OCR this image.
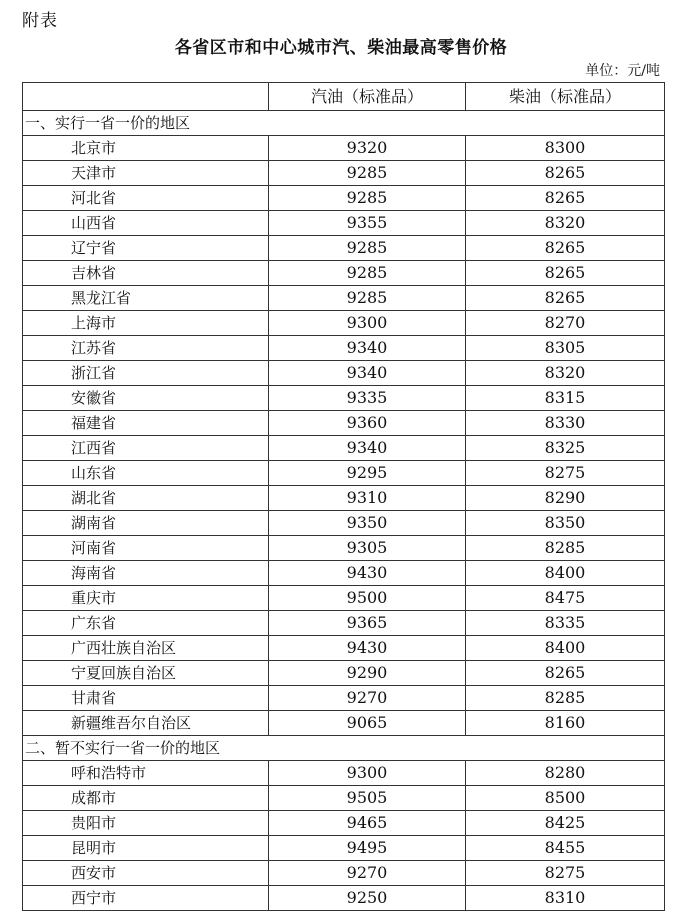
附表
各省区市和中心城市汽、柴油最高零售价格
单位：元/吨
	汽油（标准品）	柴油（标准品）
一、实行一省一价的地区		
北京市	9320	8300
天津市	9285	8265
河北省	9285	8265
山西省	9355	8320
辽宁省	9285	8265
吉林省	9285	8265
黑龙江省	9285	8265
上海市	9300	8270
江苏省	9340	8305
浙江省	9340	8320
安徽省	9335	8315
福建省	9360	8330
江西省	9340	8325
山东省	9295	8275
湖北省	9310	8290
湖南省	9350	8350
河南省	9305	8285
海南省	9430	8400
重庆市	9500	8475
广东省	9365	8335
广西壮族自治区	9430	8400
宁夏回族自治区	9290	8265
甘肃省	9270	8285
新疆维吾尔自治区	9065	8160
二、暂不实行一省一价的地区		
呼和浩特市	9300	8280
成都市	9505	8500
贵阳市	9465	8425
昆明市	9495	8455
西安市	9270	8275
西宁市	9250	8310
